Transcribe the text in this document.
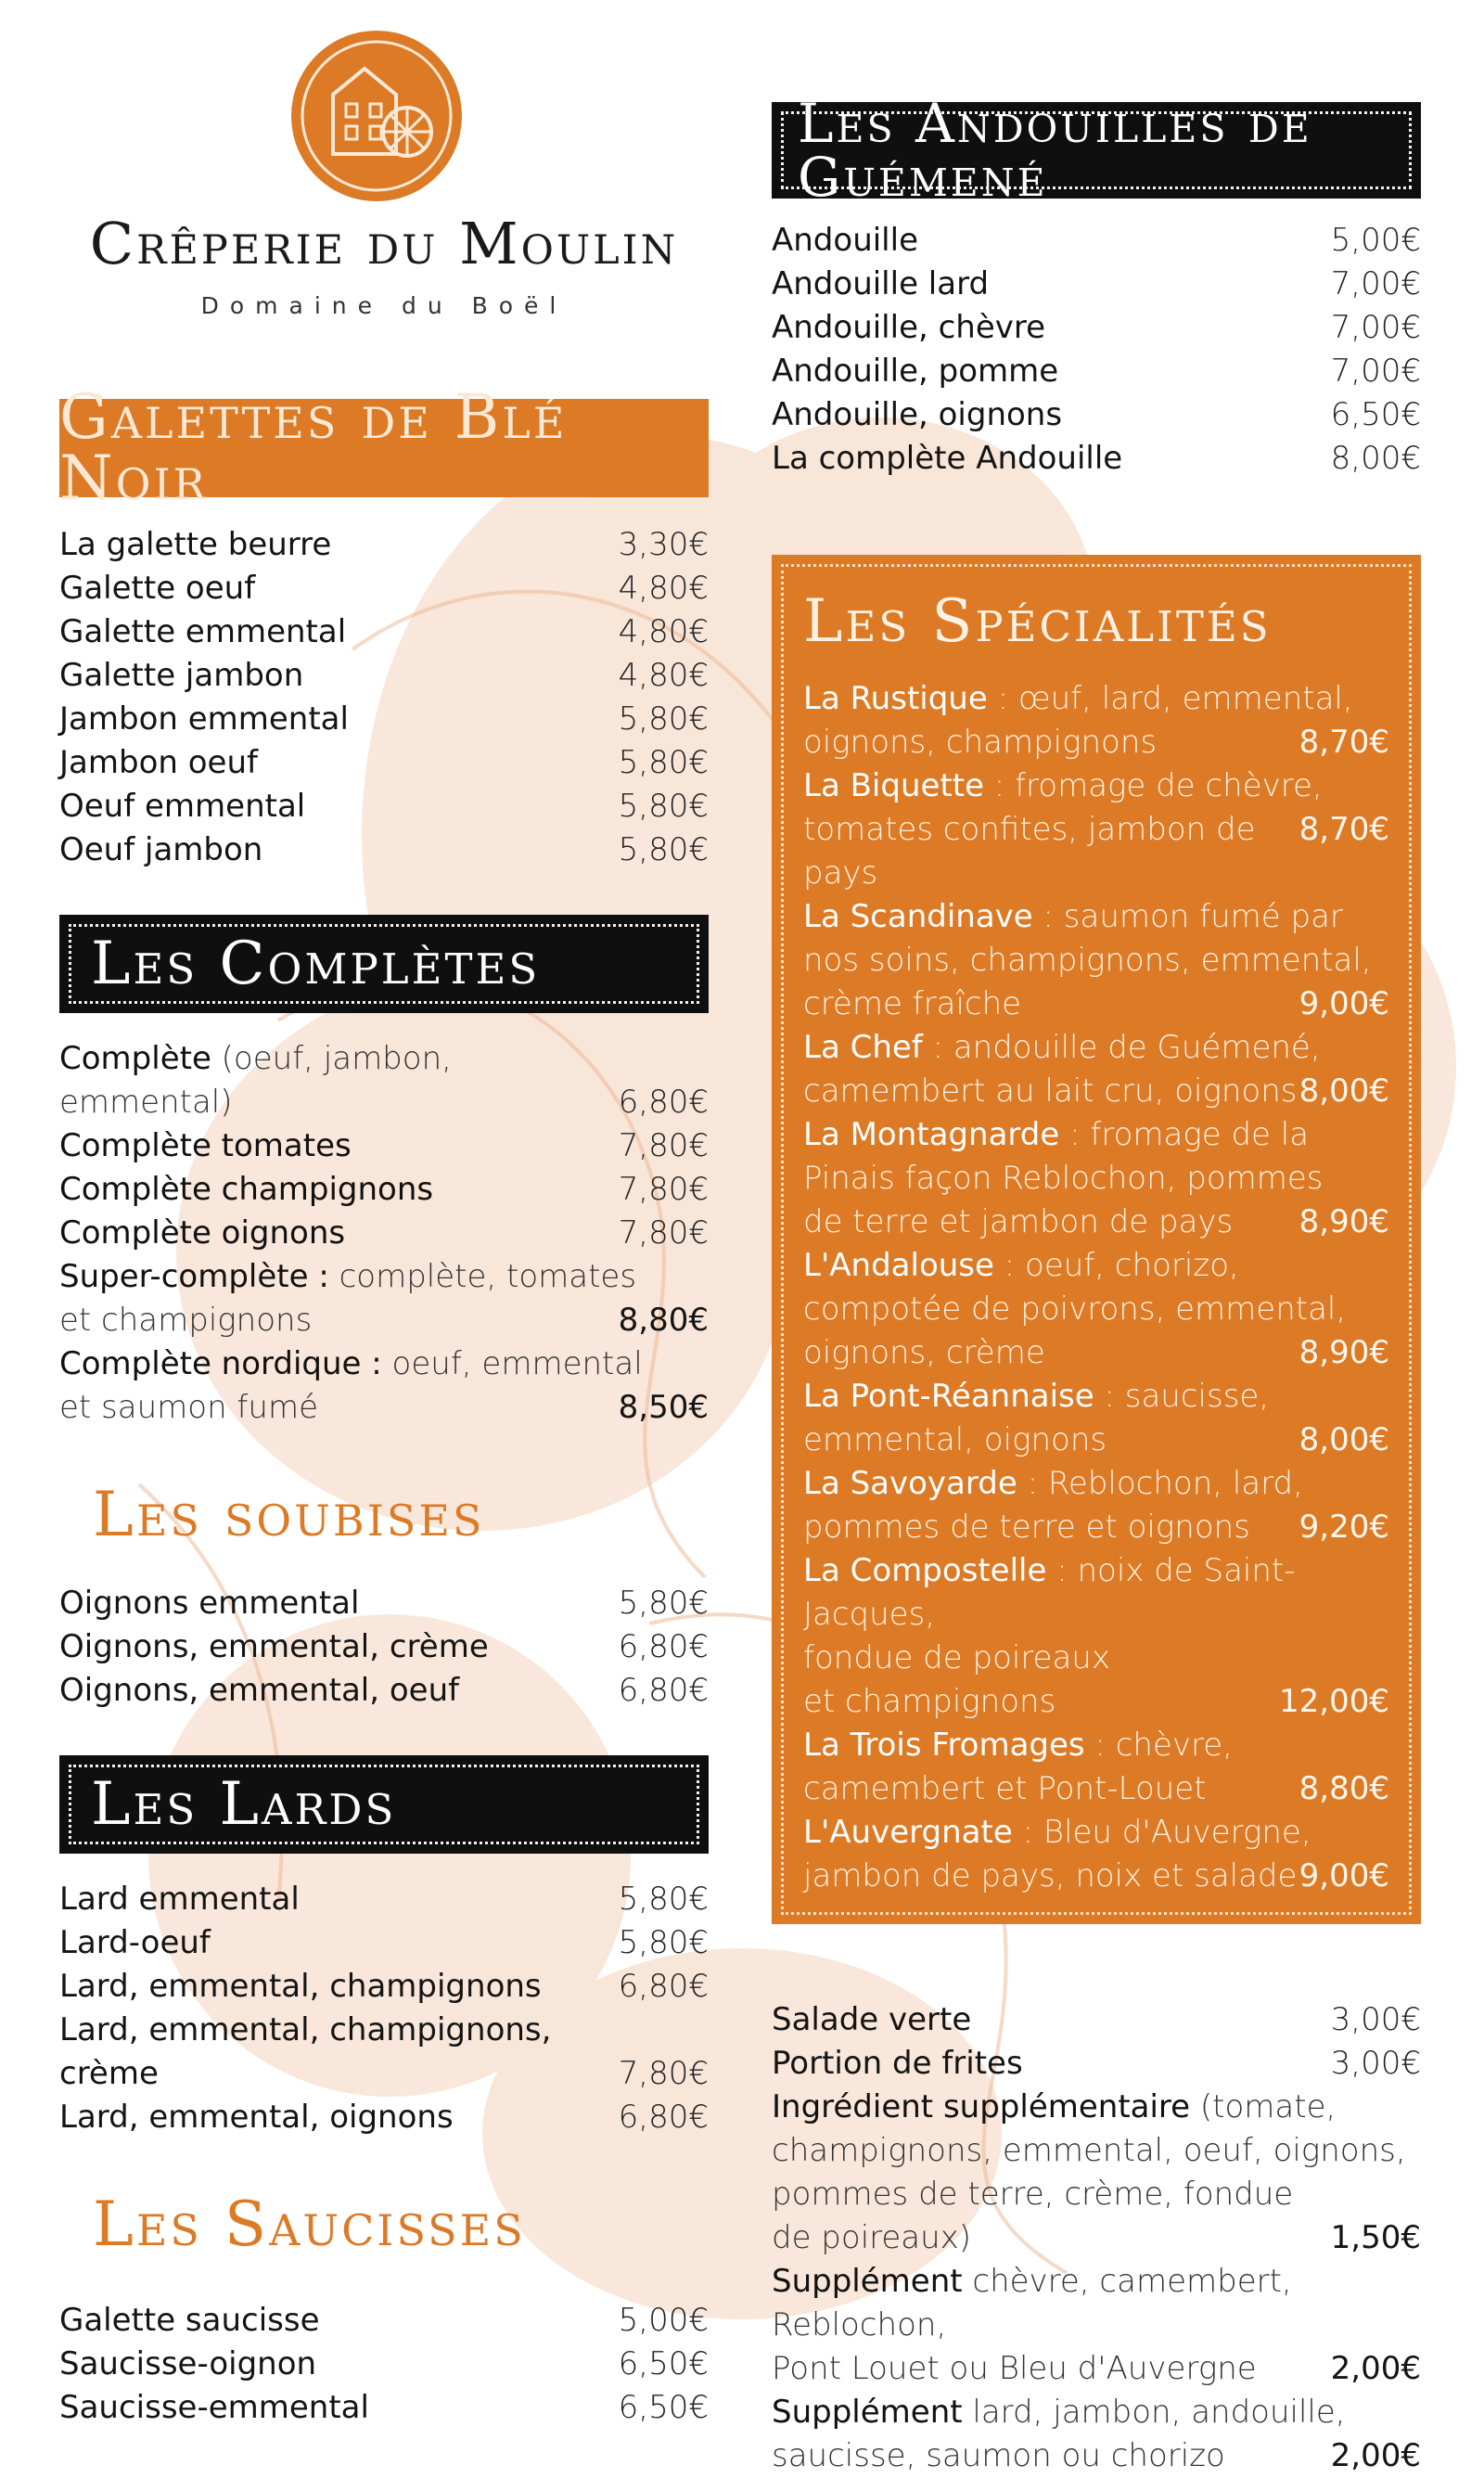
Crêperie du Moulin
Domaine du Boël
Galettes de Blé Noir
La galette beurre	3,30€
Galette oeuf	4,80€
Galette emmental	4,80€
Galette jambon	4,80€
Jambon emmental	5,80€
Jambon oeuf	5,80€
Oeuf emmental	5,80€
Oeuf jambon	5,80€
Les Complètes
Complète (oeuf, jambon, emmental)	6,80€
Complète tomates	7,80€
Complète champignons	7,80€
Complète oignons	7,80€
Super-complète : complète, tomates
et champignons	8,80€
Complète nordique : oeuf, emmental
et saumon fumé	8,50€
Les soubises
Oignons emmental	5,80€
Oignons, emmental, crème	6,80€
Oignons, emmental, oeuf	6,80€
Les Lards
Lard emmental	5,80€
Lard-oeuf	5,80€
Lard, emmental, champignons 6,80€
Lard, emmental, champignons, crème	7,80€
Lard, emmental, oignons	6,80€
Les Saucisses
Galette saucisse	5,00€
Saucisse-oignon	6,50€
Saucisse-emmental	6,50€
Les Andouilles de Guémené
Andouille	5,00€
Andouille lard	7,00€
Andouille, chèvre	7,00€
Andouille, pomme	7,00€
Andouille, oignons	6,50€
La complète Andouille	8,00€
Les Spécialités
La Rustique : œuf, lard, emmental,
oignons, champignons	8,70€
La Biquette : fromage de chèvre,
tomates confites, jambon de pays
8,70€
La Scandinave : saumon fumé par
nos soins, champignons, emmental,
crème fraîche	9,00€
La Chef : andouille de Guémené,
camembert au lait cru, oignons 8,00€
La Montagnarde : fromage de la
Pinais façon Reblochon, pommes
de terre et jambon de pays 8,90€
L'Andalouse : oeuf, chorizo,
compotée de poivrons, emmental,
oignons, crème	8,90€
La Pont-Réannaise : saucisse,
emmental, oignons	8,00€
La Savoyarde : Reblochon, lard,
pommes de terre et oignons 9,20€
La Compostelle : noix de Saint-Jacques,
fondue de poireaux
et champignons	12,00€
La Trois Fromages : chèvre,
camembert et Pont-Louet	8,80€
L'Auvergnate : Bleu d'Auvergne,
jambon de pays, noix et salade 9,00€
Salade verte	3,00€
Portion de frites	3,00€
Ingrédient supplémentaire (tomate,
champignons, emmental, oeuf, oignons,
pommes de terre, crème, fondue
de poireaux)	1,50€
Supplément chèvre, camembert, Reblochon,
Pont Louet ou Bleu d'Auvergne 2,00€
Supplément lard, jambon, andouille,
saucisse, saumon ou chorizo	2,00€
